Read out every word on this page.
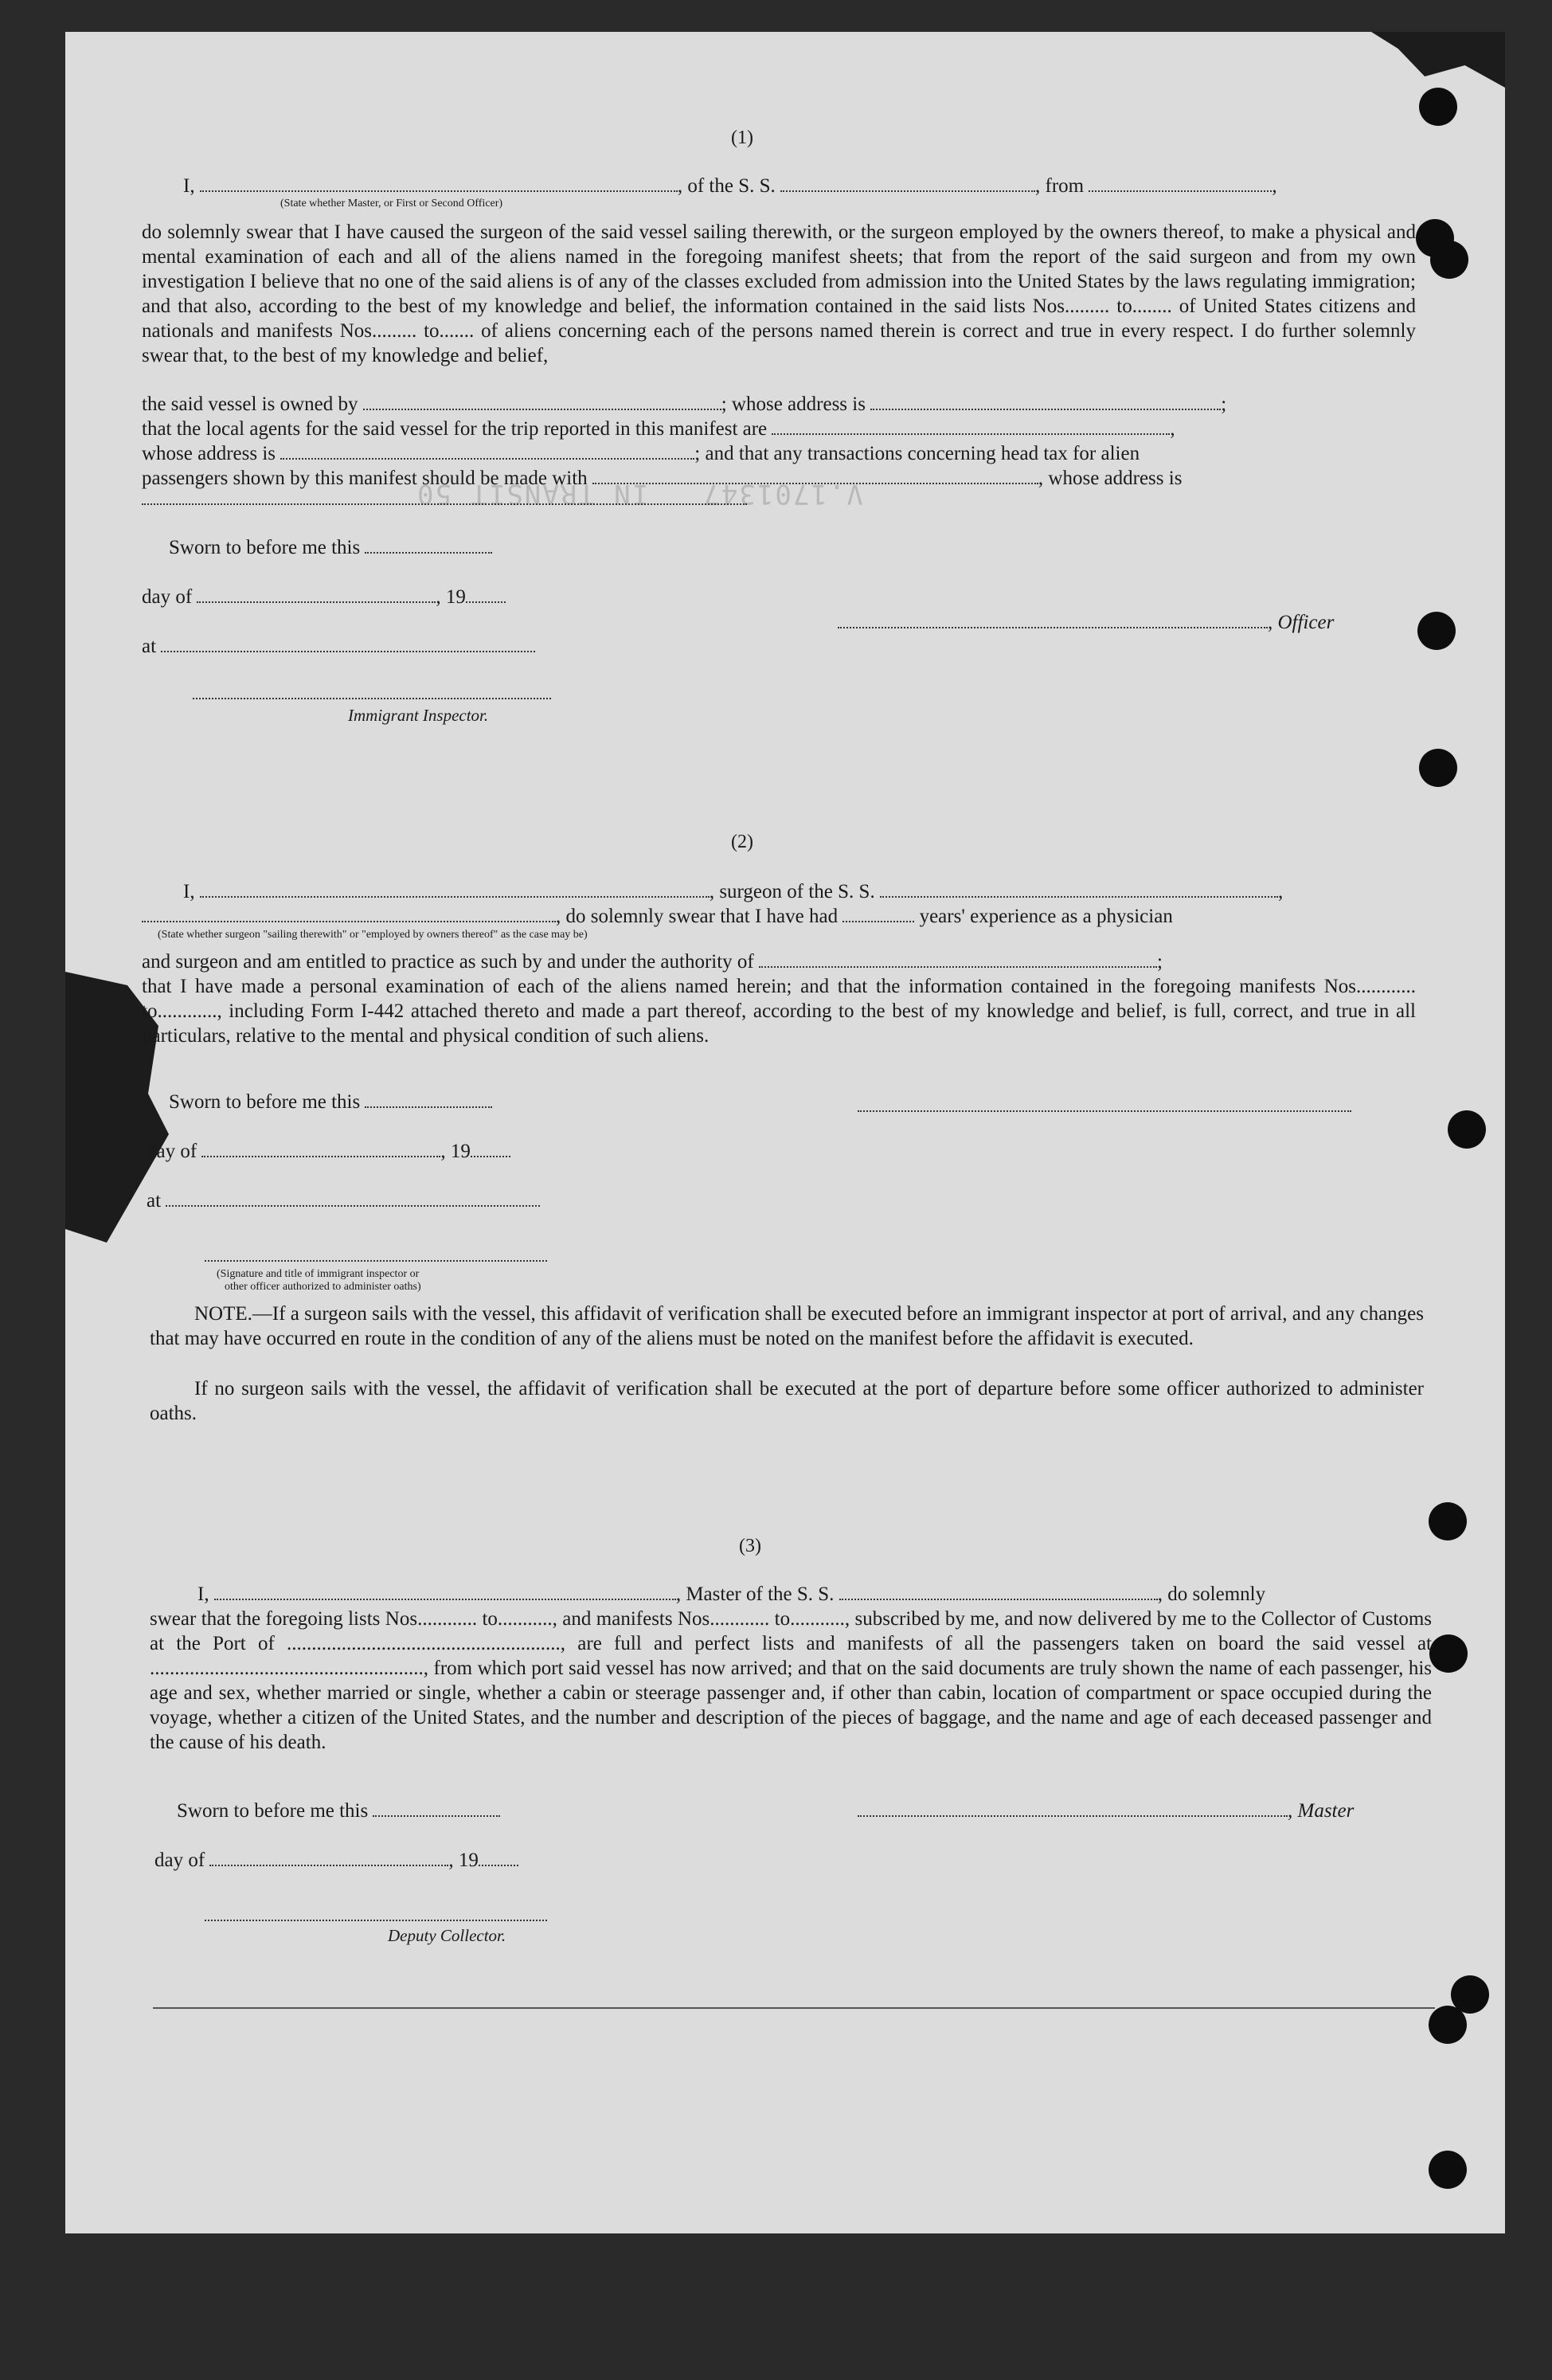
V.1701347   IN TRANSIT 50
(1)
I,	, of the S. S.	, from	,
(State whether Master, or First or Second Officer)
do solemnly swear that I have caused the surgeon of the said vessel sailing therewith, or the surgeon employed by the owners thereof, to make a physical and mental examination of each and all of the aliens named in the foregoing manifest sheets; that from the report of the said surgeon and from my own investigation I believe that no one of the said aliens is of any of the classes excluded from admission into the United States by the laws regulating immigration; and that also, according to the best of my knowledge and belief, the information contained in the said lists Nos......... to........ of United States citizens and nationals and manifests Nos......... to....... of aliens concerning each of the persons named therein is correct and true in every respect. I do further solemnly swear that, to the best of my knowledge and belief,
the said vessel is owned by	; whose address is	;
that the local agents for the said vessel for the trip reported in this manifest are	,
whose address is	; and that any transactions concerning head tax for alien
passengers shown by this manifest should be made with	, whose address is
Sworn to before me this
day of	, 19
at
, Officer
Immigrant Inspector.
(2)
I,	, surgeon of the S. S.	,
, do solemnly swear that I have had	years' experience as a physician
(State whether surgeon "sailing therewith" or "employed by owners thereof" as the case may be)
and surgeon and am entitled to practice as such by and under the authority of	;
that I have made a personal examination of each of the aliens named herein; and that the information contained in the foregoing manifests Nos............ to............, including Form I-442 attached thereto and made a part thereof, according to the best of my knowledge and belief, is full, correct, and true in all particulars, relative to the mental and physical condition of such aliens.
Sworn to before me this
day of	, 19
at
(Signature and title of immigrant inspector or
other officer authorized to administer oaths)
NOTE.—If a surgeon sails with the vessel, this affidavit of verification shall be executed before an immigrant inspector at port of arrival, and any changes that may have occurred en route in the condition of any of the aliens must be noted on the manifest before the affidavit is executed.
If no surgeon sails with the vessel, the affidavit of verification shall be executed at the port of departure before some officer authorized to administer oaths.
(3)
I,	, Master of the S. S.	, do solemnly
swear that the foregoing lists Nos............ to..........., and manifests Nos............ to..........., subscribed by me, and now delivered by me to the Collector of Customs at the Port of ......................................................., are full and perfect lists and manifests of all the passengers taken on board the said vessel at ......................................................., from which port said vessel has now arrived; and that on the said documents are truly shown the name of each passenger, his age and sex, whether married or single, whether a cabin or steerage passenger and, if other than cabin, location of compartment or space occupied during the voyage, whether a citizen of the United States, and the number and description of the pieces of baggage, and the name and age of each deceased passenger and the cause of his death.
Sworn to before me this	, Master
day of	, 19
Deputy Collector.
